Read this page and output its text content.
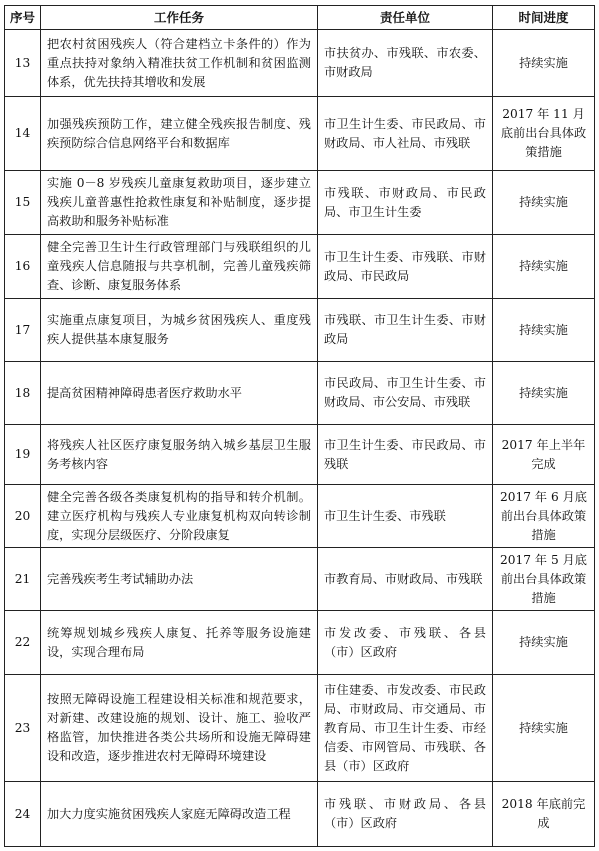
序号	工作任务	责任单位	时间进度
13	把农村贫困残疾人（符合建档立卡条件的）作为重点扶持对象纳入精准扶贫工作机制和贫困监测体系，优先扶持其增收和发展	市扶贫办、市残联、市农委、市财政局	持续实施
14	加强残疾预防工作，建立健全残疾报告制度、残疾预防综合信息网络平台和数据库	市卫生计生委、市民政局、市财政局、市人社局、市残联	2017 年 11 月底前出台具体政策措施
15	实施 0－8 岁残疾儿童康复救助项目，逐步建立残疾儿童普惠性抢救性康复和补贴制度，逐步提高救助和服务补贴标准	市残联、市财政局、市民政局、市卫生计生委	持续实施
16	健全完善卫生计生行政管理部门与残联组织的儿童残疾人信息随报与共享机制，完善儿童残疾筛查、诊断、康复服务体系	市卫生计生委、市残联、市财政局、市民政局	持续实施
17	实施重点康复项目，为城乡贫困残疾人、重度残疾人提供基本康复服务	市残联、市卫生计生委、市财政局	持续实施
18	提高贫困精神障碍患者医疗救助水平	市民政局、市卫生计生委、市财政局、市公安局、市残联	持续实施
19	将残疾人社区医疗康复服务纳入城乡基层卫生服务考核内容	市卫生计生委、市民政局、市残联	2017 年上半年完成
20	健全完善各级各类康复机构的指导和转介机制。建立医疗机构与残疾人专业康复机构双向转诊制度，实现分层级医疗、分阶段康复	市卫生计生委、市残联	2017 年 6 月底前出台具体政策措施
21	完善残疾考生考试辅助办法	市教育局、市财政局、市残联	2017 年 5 月底前出台具体政策措施
22	统筹规划城乡残疾人康复、托养等服务设施建设，实现合理布局	市发改委、市残联、各县（市）区政府	持续实施
23	按照无障碍设施工程建设相关标准和规范要求，对新建、改建设施的规划、设计、施工、验收严格监管，加快推进各类公共场所和设施无障碍建设和改造，逐步推进农村无障碍环境建设	市住建委、市发改委、市民政局、市财政局、市交通局、市教育局、市卫生计生委、市经信委、市网管局、市残联、各县（市）区政府	持续实施
24	加大力度实施贫困残疾人家庭无障碍改造工程	市残联、市财政局、各县（市）区政府	2018 年底前完成
